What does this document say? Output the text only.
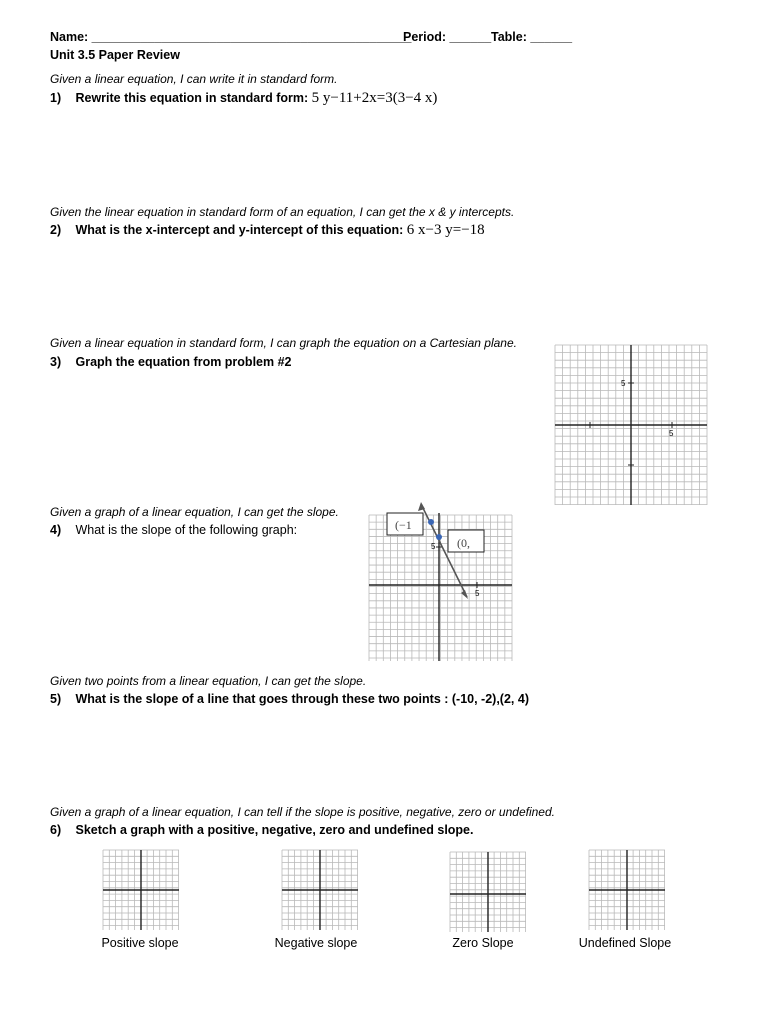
Name: ______________________________________________
Period: ______ Table: ______
Unit 3.5 Paper Review
Given a linear equation, I can write it in standard form.
1) Rewrite this equation in standard form: 5 y−11+2x=3(3−4 x)
Given the linear equation in standard form of an equation, I can get the x & y intercepts.
2) What is the x-intercept and y-intercept of this equation: 6 x−3 y=−18
Given a linear equation in standard form, I can graph the equation on a Cartesian plane.
3) Graph the equation from problem #2
5
5
Given a graph of a linear equation, I can get the slope.
4) What is the slope of the following graph:
5
5
(−1
(0,
Given two points from a linear equation, I can get the slope.
5) What is the slope of a line that goes through these two points : (-10, -2),(2, 4)
Given a graph of a linear equation, I can tell if the slope is positive, negative, zero or undefined.
6) Sketch a graph with a positive, negative, zero and undefined slope.
Positive slope	Negative slope	Zero Slope	Undefined Slope
